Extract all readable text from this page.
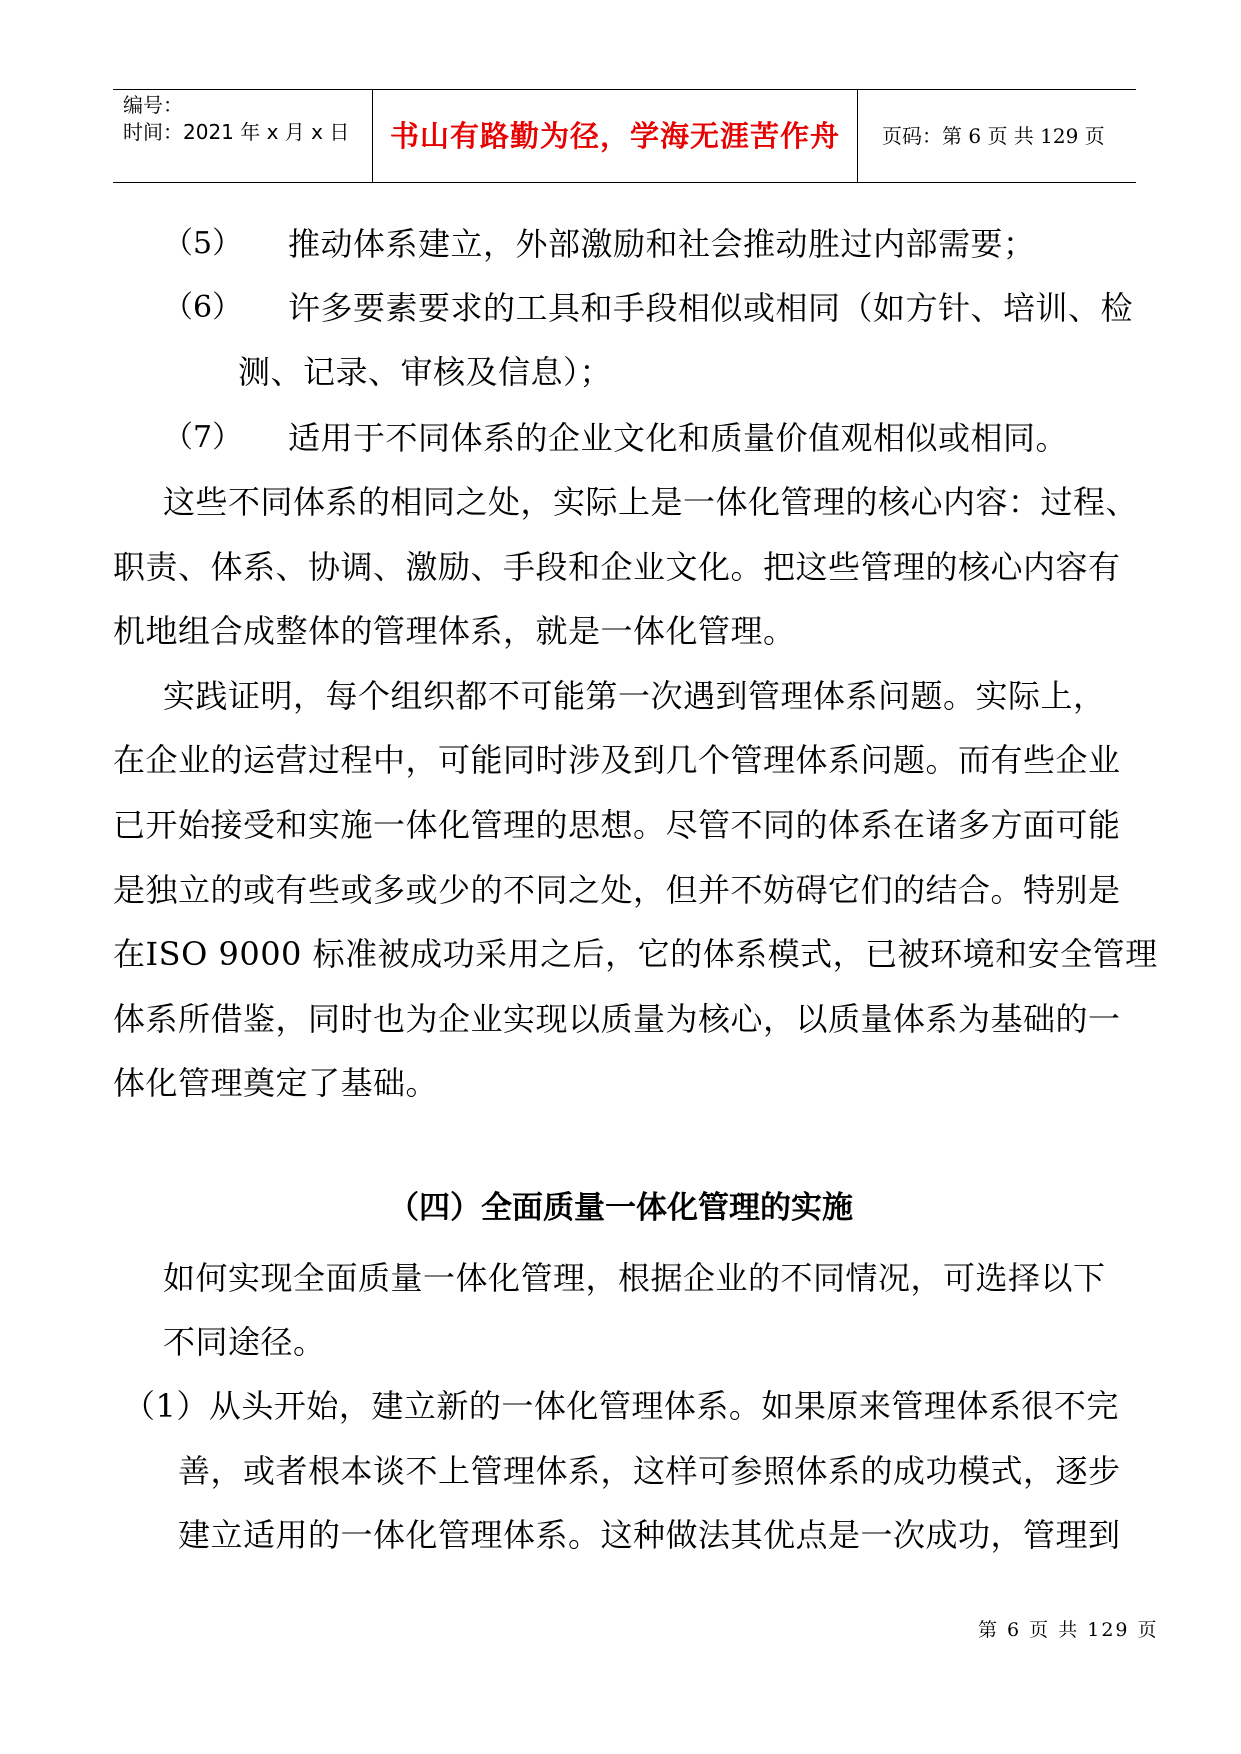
编号：
时间：2021 年 x 月 x 日	书山有路勤为径，学海无涯苦作舟	页码：第 6 页 共 129 页
（5） 推动体系建立，外部激励和社会推动胜过内部需要；
（6） 许多要素要求的工具和手段相似或相同（如方针、培训、检
测、记录、审核及信息）；
（7） 适用于不同体系的企业文化和质量价值观相似或相同。
这些不同体系的相同之处，实际上是一体化管理的核心内容：过程、
职责、体系、协调、激励、手段和企业文化。把这些管理的核心内容有
机地组合成整体的管理体系，就是一体化管理。
实践证明，每个组织都不可能第一次遇到管理体系问题。实际上，
在企业的运营过程中，可能同时涉及到几个管理体系问题。而有些企业
已开始接受和实施一体化管理的思想。尽管不同的体系在诸多方面可能
是独立的或有些或多或少的不同之处，但并不妨碍它们的结合。特别是
在ISO 9000 标准被成功采用之后，它的体系模式，已被环境和安全管理
体系所借鉴，同时也为企业实现以质量为核心，以质量体系为基础的一
体化管理奠定了基础。
（四）全面质量一体化管理的实施
如何实现全面质量一体化管理，根据企业的不同情况，可选择以下
不同途径。
（1）从头开始，建立新的一体化管理体系。如果原来管理体系很不完
善，或者根本谈不上管理体系，这样可参照体系的成功模式，逐步
建立适用的一体化管理体系。这种做法其优点是一次成功，管理到
第 6 页 共 129 页
